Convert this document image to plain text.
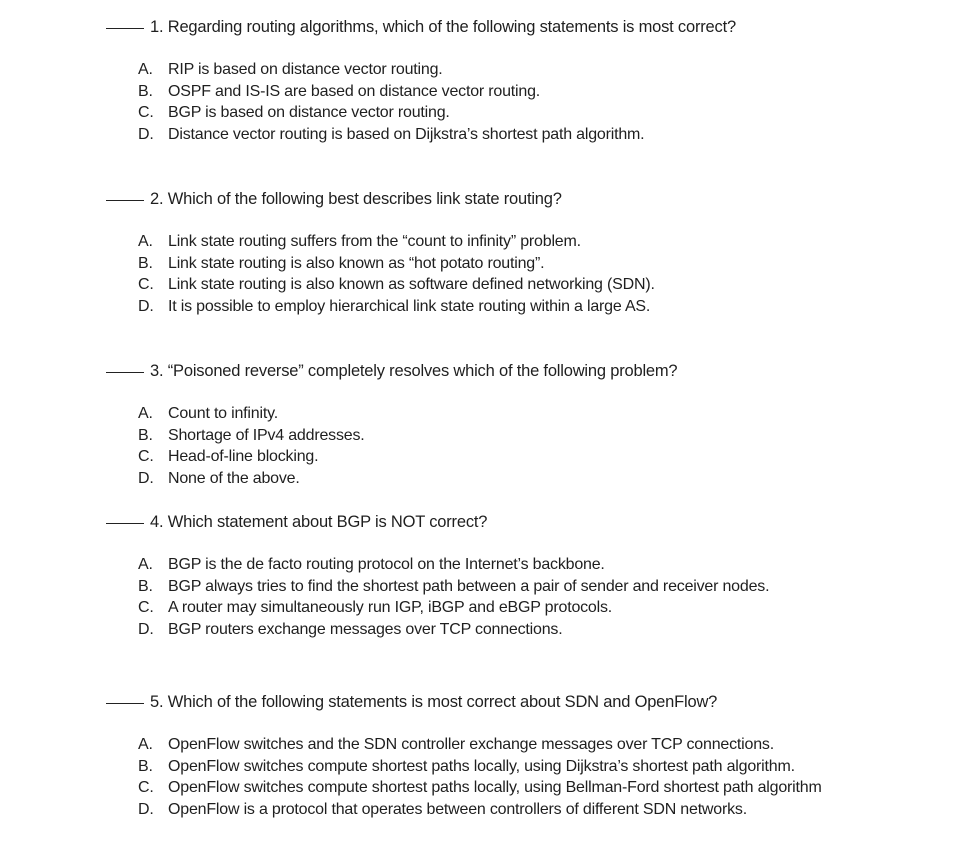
1. Regarding routing algorithms, which of the following statements is most correct?
A. RIP is based on distance vector routing.
B. OSPF and IS-IS are based on distance vector routing.
C. BGP is based on distance vector routing.
D. Distance vector routing is based on Dijkstra’s shortest path algorithm.
2. Which of the following best describes link state routing?
A. Link state routing suffers from the “count to infinity” problem.
B. Link state routing is also known as “hot potato routing”.
C. Link state routing is also known as software defined networking (SDN).
D. It is possible to employ hierarchical link state routing within a large AS.
3. “Poisoned reverse” completely resolves which of the following problem?
A. Count to infinity.
B. Shortage of IPv4 addresses.
C. Head-of-line blocking.
D. None of the above.
4. Which statement about BGP is NOT correct?
A. BGP is the de facto routing protocol on the Internet’s backbone.
B. BGP always tries to find the shortest path between a pair of sender and receiver nodes.
C. A router may simultaneously run IGP, iBGP and eBGP protocols.
D. BGP routers exchange messages over TCP connections.
5. Which of the following statements is most correct about SDN and OpenFlow?
A. OpenFlow switches and the SDN controller exchange messages over TCP connections.
B. OpenFlow switches compute shortest paths locally, using Dijkstra’s shortest path algorithm.
C. OpenFlow switches compute shortest paths locally, using Bellman-Ford shortest path algorithm
D. OpenFlow is a protocol that operates between controllers of different SDN networks.
